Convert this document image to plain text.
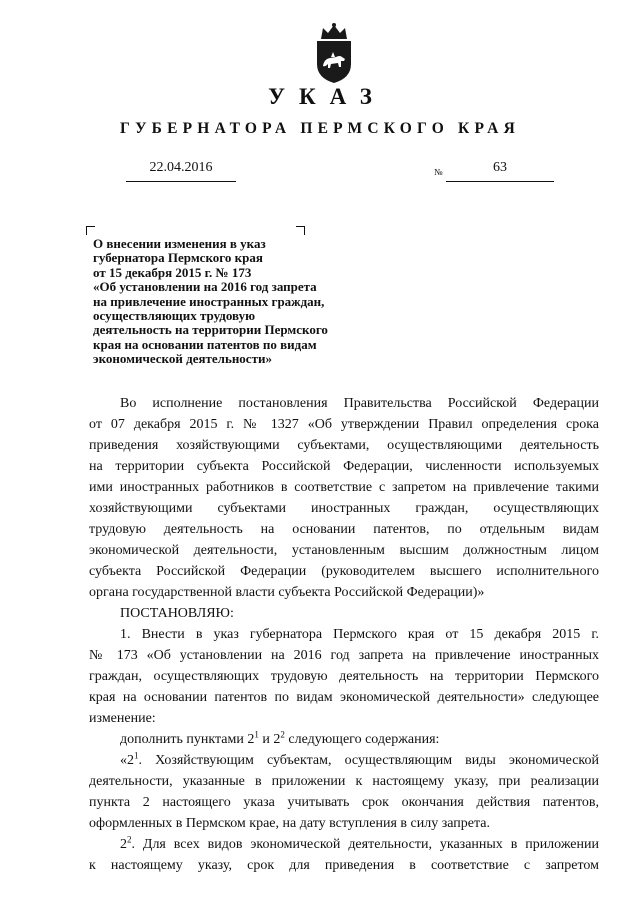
УКАЗ
ГУБЕРНАТОРА ПЕРМСКОГО КРАЯ
22.04.2016	№	63
О внесении изменения в указ
губернатора Пермского края
от 15 декабря 2015 г. № 173
«Об установлении на 2016 год запрета
на привлечение иностранных граждан,
осуществляющих трудовую
деятельность на территории Пермского
края на основании патентов по видам
экономической деятельности»
Во исполнение постановления Правительства Российской Федерации
от 07 декабря 2015 г. № 1327 «Об утверждении Правил определения срока
приведения хозяйствующими субъектами, осуществляющими деятельность
на территории субъекта Российской Федерации, численности используемых
ими иностранных работников в соответствие с запретом на привлечение такими
хозяйствующими субъектами иностранных граждан, осуществляющих
трудовую деятельность на основании патентов, по отдельным видам
экономической деятельности, установленным высшим должностным лицом
субъекта Российской Федерации (руководителем высшего исполнительного
органа государственной власти субъекта Российской Федерации)»
ПОСТАНОВЛЯЮ:
1. Внести в указ губернатора Пермского края от 15 декабря 2015 г.
№ 173 «Об установлении на 2016 год запрета на привлечение иностранных
граждан, осуществляющих трудовую деятельность на территории Пермского
края на основании патентов по видам экономической деятельности» следующее
изменение:
дополнить пунктами $2^1$ и $2^2$ следующего содержания:
«$2^1$. Хозяйствующим субъектам, осуществляющим виды экономической
деятельности, указанные в приложении к настоящему указу, при реализации
пункта 2 настоящего указа учитывать срок окончания действия патентов,
оформленных в Пермском крае, на дату вступления в силу запрета.
$2^2$. Для всех видов экономической деятельности, указанных в приложении
к настоящему указу, срок для приведения в соответствие с запретом
